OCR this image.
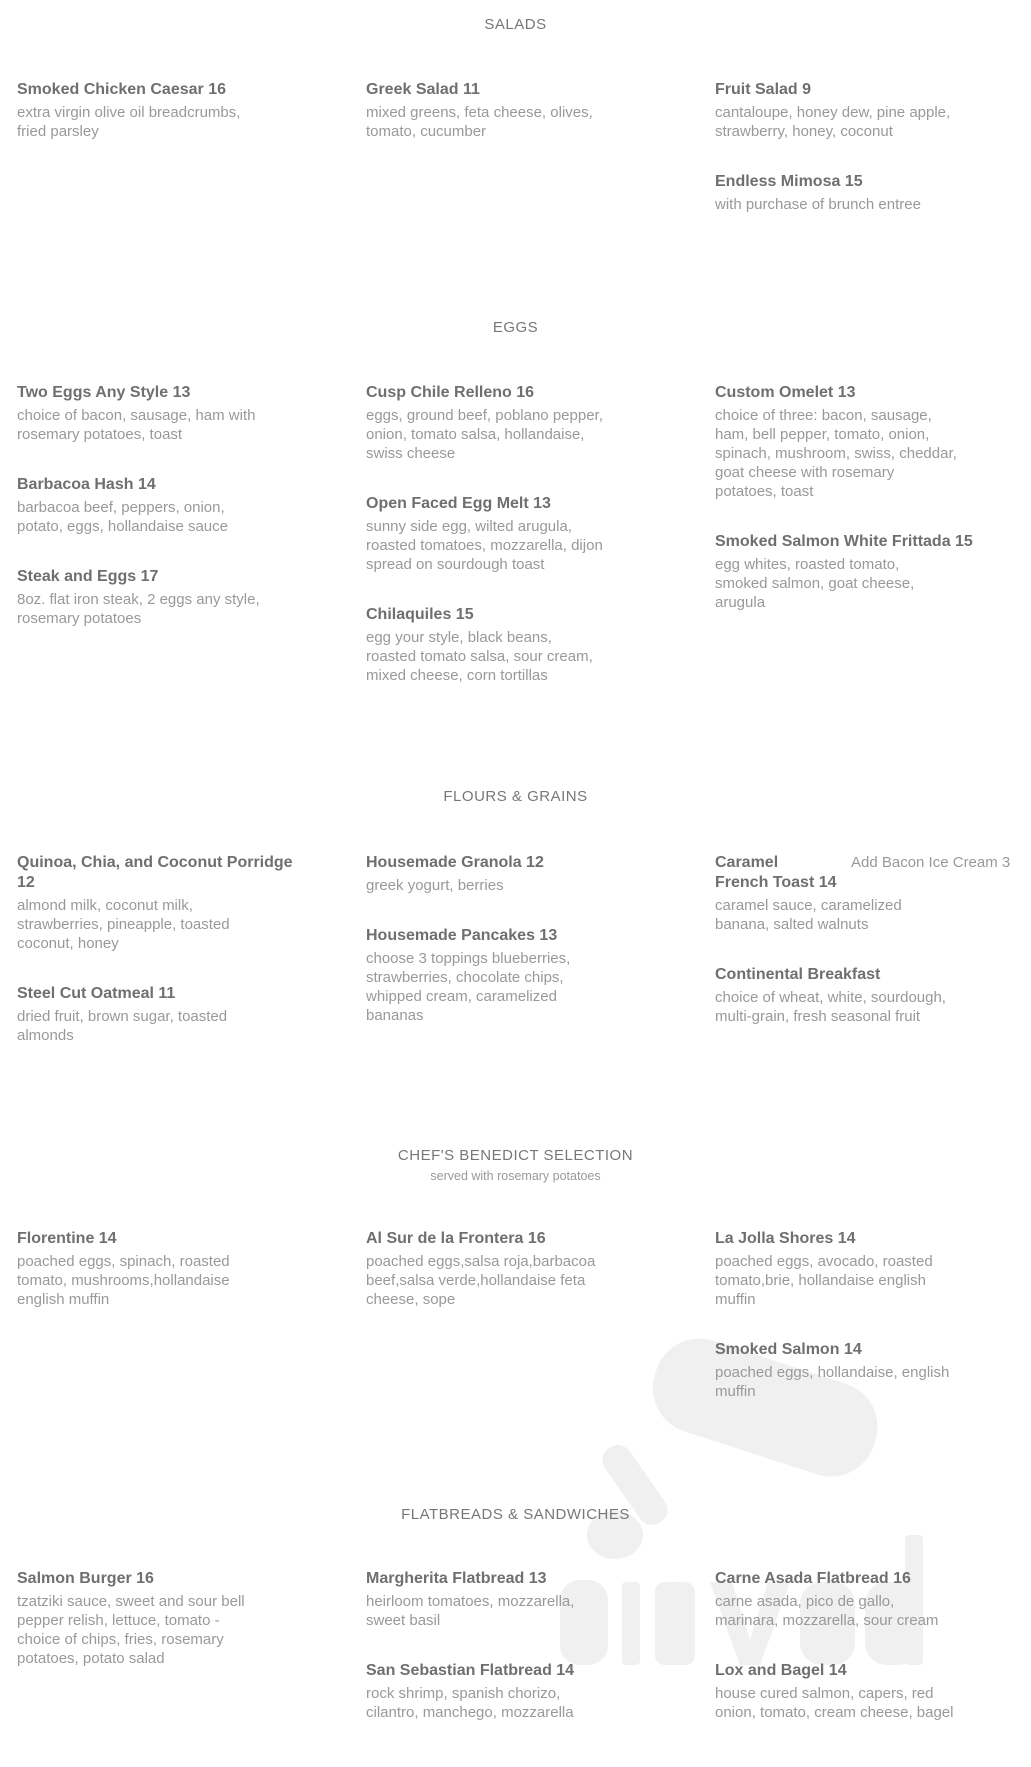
SALADS
Smoked Chicken Caesar 16
extra virgin olive oil breadcrumbs,
fried parsley
Greek Salad 11
mixed greens, feta cheese, olives,
tomato, cucumber
Fruit Salad 9
cantaloupe, honey dew, pine apple,
strawberry, honey, coconut
Endless Mimosa 15
with purchase of brunch entree
EGGS
Two Eggs Any Style 13
choice of bacon, sausage, ham with
rosemary potatoes, toast
Barbacoa Hash 14
barbacoa beef, peppers, onion,
potato, eggs, hollandaise sauce
Steak and Eggs 17
8oz. flat iron steak, 2 eggs any style,
rosemary potatoes
Cusp Chile Relleno 16
eggs, ground beef, poblano pepper,
onion, tomato salsa, hollandaise,
swiss cheese
Open Faced Egg Melt 13
sunny side egg, wilted arugula,
roasted tomatoes, mozzarella, dijon
spread on sourdough toast
Chilaquiles 15
egg your style, black beans,
roasted tomato salsa, sour cream,
mixed cheese, corn tortillas
Custom Omelet 13
choice of three: bacon, sausage,
ham, bell pepper, tomato, onion,
spinach, mushroom, swiss, cheddar,
goat cheese with rosemary
potatoes, toast
Smoked Salmon White Frittada 15
egg whites, roasted tomato,
smoked salmon, goat cheese,
arugula
FLOURS & GRAINS
Quinoa, Chia, and Coconut Porridge
12
almond milk, coconut milk,
strawberries, pineapple, toasted
coconut, honey
Steel Cut Oatmeal 11
dried fruit, brown sugar, toasted
almonds
Housemade Granola 12
greek yogurt, berries
Housemade Pancakes 13
choose 3 toppings blueberries,
strawberries, chocolate chips,
whipped cream, caramelized
bananas
Add Bacon Ice Cream 3
Caramel
French Toast 14
caramel sauce, caramelized
banana, salted walnuts
Continental Breakfast
choice of wheat, white, sourdough,
multi-grain, fresh seasonal fruit
CHEF'S BENEDICT SELECTION
served with rosemary potatoes
Florentine 14
poached eggs, spinach, roasted
tomato, mushrooms,hollandaise
english muffin
Al Sur de la Frontera 16
poached eggs,salsa roja,barbacoa
beef,salsa verde,hollandaise feta
cheese, sope
La Jolla Shores 14
poached eggs, avocado, roasted
tomato,brie, hollandaise english
muffin
Smoked Salmon 14
poached eggs, hollandaise, english
muffin
FLATBREADS & SANDWICHES
Salmon Burger 16
tzatziki sauce, sweet and sour bell
pepper relish, lettuce, tomato -
choice of chips, fries, rosemary
potatoes, potato salad
Margherita Flatbread 13
heirloom tomatoes, mozzarella,
sweet basil
San Sebastian Flatbread 14
rock shrimp, spanish chorizo,
cilantro, manchego, mozzarella
Carne Asada Flatbread 16
carne asada, pico de gallo,
marinara, mozzarella, sour cream
Lox and Bagel 14
house cured salmon, capers, red
onion, tomato, cream cheese, bagel
